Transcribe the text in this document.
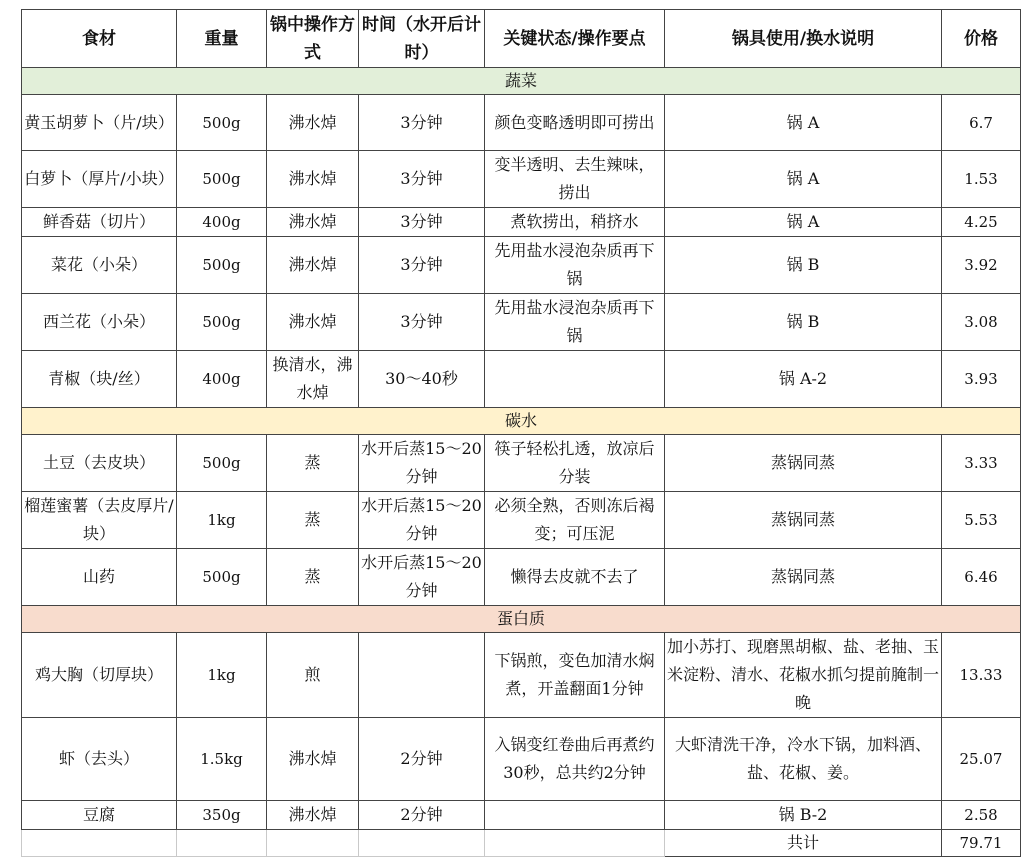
食材	重量	锅中操作方式	时间（水开后计时）	关键状态/操作要点	锅具使用/换水说明	价格
蔬菜						
黄玉胡萝卜（片/块）	500g	沸水焯	3分钟	颜色变略透明即可捞出	锅 A	6.7
白萝卜（厚片/小块）	500g	沸水焯	3分钟	变半透明、去生辣味，捞出	锅 A	1.53
鲜香菇（切片）	400g	沸水焯	3分钟	煮软捞出，稍挤水	锅 A	4.25
菜花（小朵）	500g	沸水焯	3分钟	先用盐水浸泡杂质再下锅	锅 B	3.92
西兰花（小朵）	500g	沸水焯	3分钟	先用盐水浸泡杂质再下锅	锅 B	3.08
青椒（块/丝）	400g	换清水，沸水焯	30～40秒		锅 A-2	3.93
碳水						
土豆（去皮块）	500g	蒸	水开后蒸15～20分钟	筷子轻松扎透，放凉后分装	蒸锅同蒸	3.33
榴莲蜜薯（去皮厚片/块）	1kg	蒸	水开后蒸15～20分钟	必须全熟，否则冻后褐变；可压泥	蒸锅同蒸	5.53
山药	500g	蒸	水开后蒸15～20分钟	懒得去皮就不去了	蒸锅同蒸	6.46
蛋白质						
鸡大胸（切厚块）	1kg	煎		下锅煎，变色加清水焖煮，开盖翻面1分钟	加小苏打、现磨黑胡椒、盐、老抽、玉米淀粉、清水、花椒水抓匀提前腌制一晚	13.33
虾（去头）	1.5kg	沸水焯	2分钟	入锅变红卷曲后再煮约30秒，总共约2分钟	大虾清洗干净，冷水下锅，加料酒、盐、花椒、姜。	25.07
豆腐	350g	沸水焯	2分钟		锅 B-2	2.58
					共计	79.71
